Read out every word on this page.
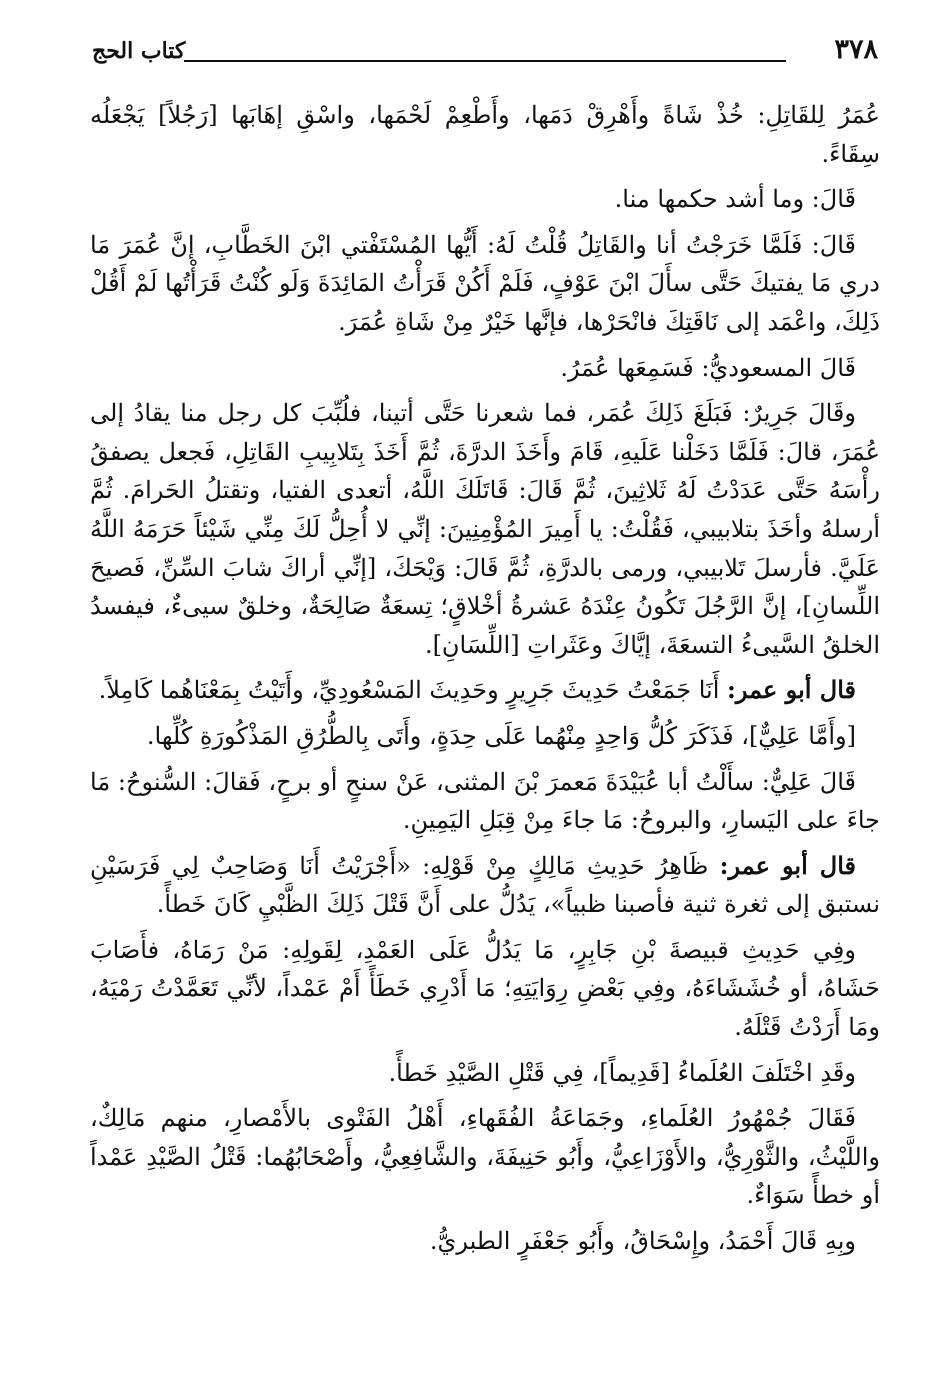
٣٧٨
كتاب الحج

عُمَرُ لِلقَاتِلِ: خُذْ شَاةً وأَهْرِقْ دَمَها، وأَطْعِمْ لَحْمَها، واسْقِ إهَابَها [رَجُلاً] يَجْعَلُه سِقَاءً.

قَالَ: وما أشد حكمها منا.

قَالَ: فَلَمَّا خَرَجْتُ أنا والقَاتِلُ قُلْتُ لَهُ: أَيُّها المُسْتَفْتي ابْنَ الخَطَّابِ، إنَّ عُمَرَ مَا دري مَا يفتيكَ حَتَّى سأَلَ ابْنَ عَوْفٍ، فَلَمْ أَكُنْ قَرَأْتُ المَائِدَةَ وَلَو كُنْتُ قَرَأْتُها لَمْ أَقُلْ ذَلِكَ، واعْمَد إلى نَاقَتِكَ فانْحَرْها، فإنَّها خَيْرٌ مِنْ شَاةِ عُمَرَ.

قَالَ المسعوديُّ: فَسَمِعَها عُمَرُ.

وقَالَ جَرِيرٌ: فَبَلَغَ ذَلِكَ عُمَر، فما شعرنا حَتَّى أتينا، فلُبِّبَ كل رجل منا يقادُ إلى عُمَرَ، قالَ: فَلَمَّا دَخَلْنا عَلَيهِ، قَامَ وأَخَذَ الدرَّةَ، ثُمَّ أَخَذَ بِتَلابِيبِ القَاتِلِ، فَجعل يصفقُ رأْسَهُ حَتَّى عَدَدْتُ لَهُ ثَلاثِينَ، ثُمَّ قَالَ: قَاتَلَكَ اللَّهُ، أتعدى الفتيا، وتقتلُ الحَرامَ. ثُمَّ أرسلهُ وأخَذَ بتلابيبي، فَقُلْتُ: يا أَمِيرَ المُؤْمِنِينَ: إنِّي لا أُحِلُّ لَكَ مِنِّي شَيْئاً حَرَمَهُ اللَّهُ عَلَيَّ. فأرسلَ تَلابيبي، ورمى بالدرَّةِ، ثُمَّ قَالَ: وَيْحَكَ، [إنِّي أراكَ شابَ السِّنِّ، فَصيحَ اللِّسانِ]، إنَّ الرَّجُلَ تَكُونُ عِنْدَهُ عَشرةُ أخْلاقٍ؛ تِسعَةٌ صَالِحَةٌ، وخلقٌ سيىءٌ، فيفسدُ الخلقُ السَّيىءُ التسعَةَ، إيَّاكَ وعَثَراتِ [اللِّسَانِ].

قال أبو عمر: أَنَا جَمَعْتُ حَدِيثَ جَرِيرٍ وحَدِيثَ المَسْعُودِيِّ، وأَتَيْتُ بِمَعْنَاهُما كَامِلاً.

[وأَمَّا عَلِيٌّ]، فَذَكَرَ كُلُّ وَاحِدٍ مِنْهُما عَلَى حِدَةٍ، وأَتَى بِالطُّرُقِ المَذْكُورَةِ كُلِّها.

قَالَ عَلِيٌّ: سأَلْتُ أبا عُبَيْدَةَ مَعمرَ بْنَ المثنى، عَنْ سنحٍ أو برحٍ، فَقالَ: السُّنوحُ: مَا جاءَ على اليَسارِ، والبروحُ: مَا جاءَ مِنْ قِبَلِ اليَمِينِ.

قال أبو عمر: ظَاهِرُ حَدِيثِ مَالِكٍ مِنْ قَوْلِهِ: «أَجْرَيْتُ أَنَا وَصَاحِبٌ لِي فَرَسَيْنِ نستبق إلى ثغرة ثنية فأصبنا ظبياً»، يَدُلُّ على أَنَّ قَتْلَ ذَلِكَ الظَّبْيِ كَانَ خَطأً.

وفِي حَدِيثِ قبيصةَ بْنِ جَابِرٍ، مَا يَدُلُّ عَلَى العَمْدِ، لِقَولِهِ: مَنْ رَمَاهُ، فأَصَابَ حَشَاهُ، أو خُشَشَاءَهُ، وفِي بَعْضِ رِوَايَتِهِ؛ مَا أَدْرِي خَطَأً أَمْ عَمْداً، لأنِّي تَعَمَّدْتُ رَمْيَهُ، ومَا أَرَدْتُ قَتْلَهُ.

وقَدِ اخْتَلَفَ العُلَماءُ [قَدِيماً]، فِي قَتْلِ الصَّيْدِ خَطأً.

فَقَالَ جُمْهُورُ العُلَماءِ، وجَمَاعَةُ الفُقَهاءِ، أَهْلُ الفَتْوى بالأَمْصارِ، منهم مَالِكٌ، واللَّيْثُ، والثَّوْرِيُّ، والأَوْزَاعِيُّ، وأَبُو حَنِيفَةَ، والشَّافِعِيُّ، وأَصْحَابُهُما: قَتْلُ الصَّيْدِ عَمْداً أو خطأً سَوَاءٌ.

وبِهِ قَالَ أَحْمَدُ، وإِسْحَاقُ، وأَبُو جَعْفَرٍ الطبريُّ.
